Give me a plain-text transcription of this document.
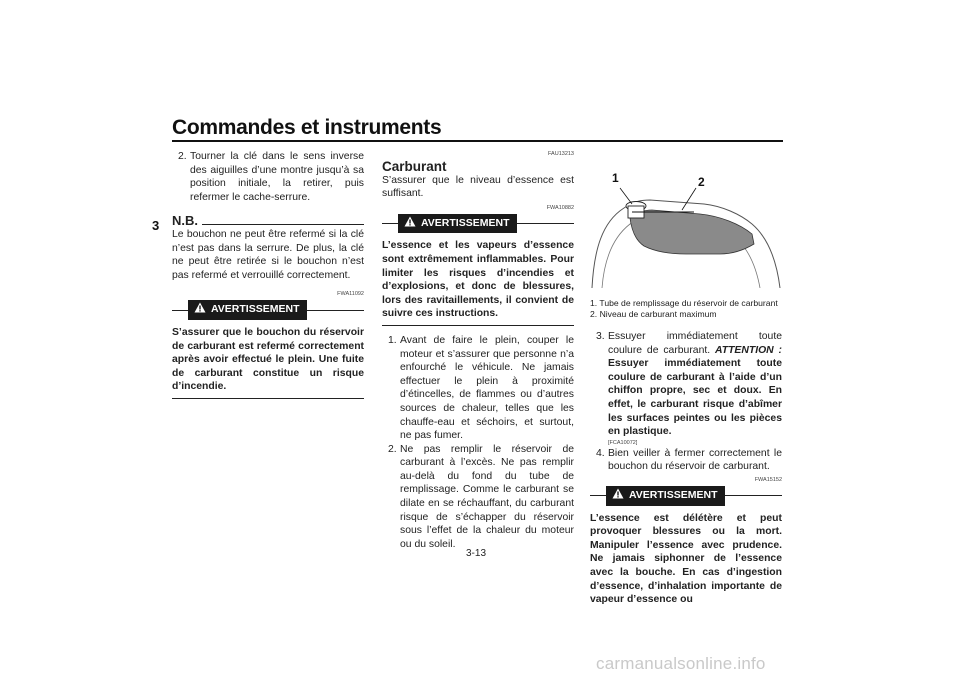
Commandes et instruments
3
2. Tourner la clé dans le sens inverse des aiguilles d’une montre jusqu’à sa position initiale, la retirer, puis refermer le cache-serrure.
N.B.
Le bouchon ne peut être refermé si la clé n’est pas dans la serrure. De plus, la clé ne peut être retirée si le bouchon n’est pas refermé et verrouillé correctement.
FWA11092
AVERTISSEMENT
S’assurer que le bouchon du réservoir de carburant est refermé correctement après avoir effectué le plein. Une fuite de carburant constitue un risque d’incendie.
FAU13213
Carburant
S’assurer que le niveau d’essence est suffisant.
FWA10882
AVERTISSEMENT
L’essence et les vapeurs d’essence sont extrêmement inflammables. Pour limiter les risques d’incendies et d’explosions, et donc de blessures, lors des ravitaillements, il convient de suivre ces instructions.
1. Avant de faire le plein, couper le moteur et s’assurer que personne n’a enfourché le véhicule. Ne jamais effectuer le plein à proximité d’étincelles, de flammes ou d’autres sources de chaleur, telles que les chauffe-eau et séchoirs, et surtout, ne pas fumer.
2. Ne pas remplir le réservoir de carburant à l’excès. Ne pas remplir au-delà du fond du tube de remplissage. Comme le carburant se dilate en se réchauffant, du carburant risque de s’échapper du réservoir sous l’effet de la chaleur du moteur ou du soleil.
1	2
1. Tube de remplissage du réservoir de carburant
2. Niveau de carburant maximum
3. Essuyer immédiatement toute coulure de carburant. ATTENTION : Essuyer immédiatement toute coulure de carburant à l’aide d’un chiffon propre, sec et doux. En effet, le carburant risque d’abîmer les surfaces peintes ou les pièces en plastique.
[FCA10072]
4. Bien veiller à fermer correctement le bouchon du réservoir de carburant.
FWA15152
AVERTISSEMENT
L’essence est délétère et peut provoquer blessures ou la mort. Manipuler l’essence avec prudence. Ne jamais siphonner de l’essence avec la bouche. En cas d’ingestion d’essence, d’inhalation importante de vapeur d’essence ou
3-13
carmanualsonline.info
